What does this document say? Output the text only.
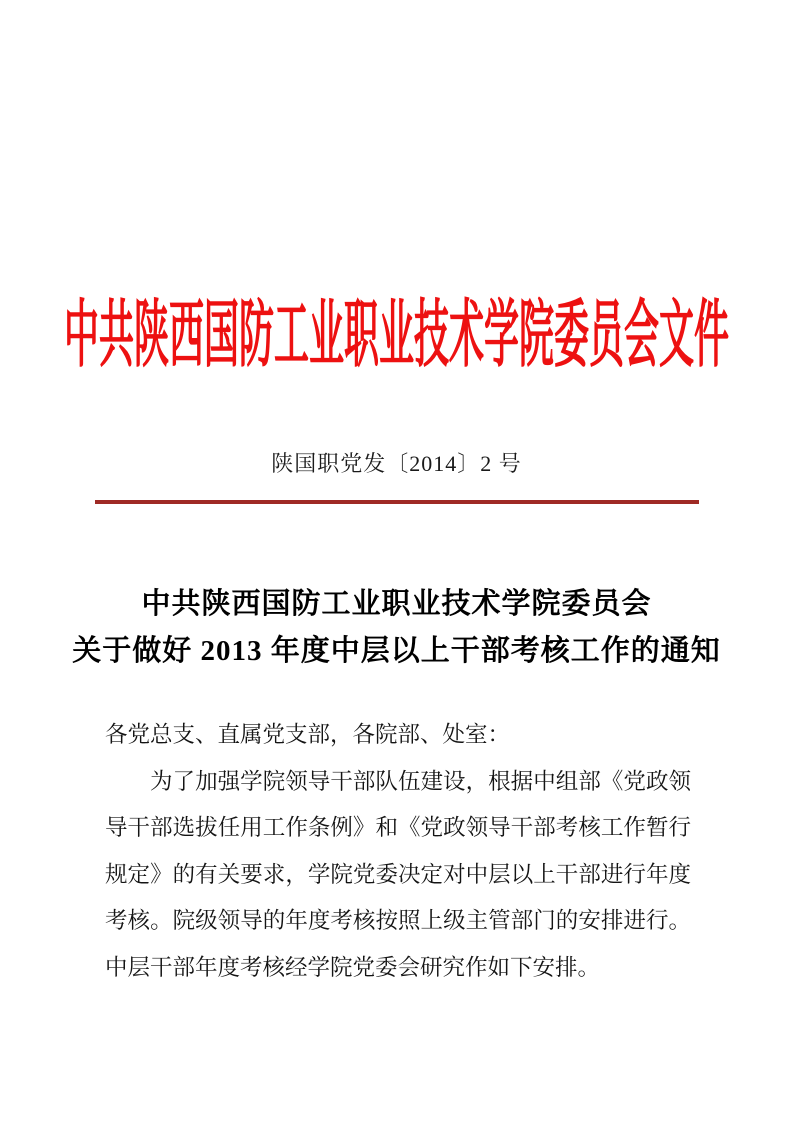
中共陕西国防工业职业技术学院委员会文件
陕国职党发〔2014〕2 号
中共陕西国防工业职业技术学院委员会
关于做好 2013 年度中层以上干部考核工作的通知

各党总支、直属党支部，各院部、处室：

为了加强学院领导干部队伍建设，根据中组部《党政领导干部选拔任用工作条例》和《党政领导干部考核工作暂行规定》的有关要求，学院党委决定对中层以上干部进行年度考核。院级领导的年度考核按照上级主管部门的安排进行。中层干部年度考核经学院党委会研究作如下安排。
